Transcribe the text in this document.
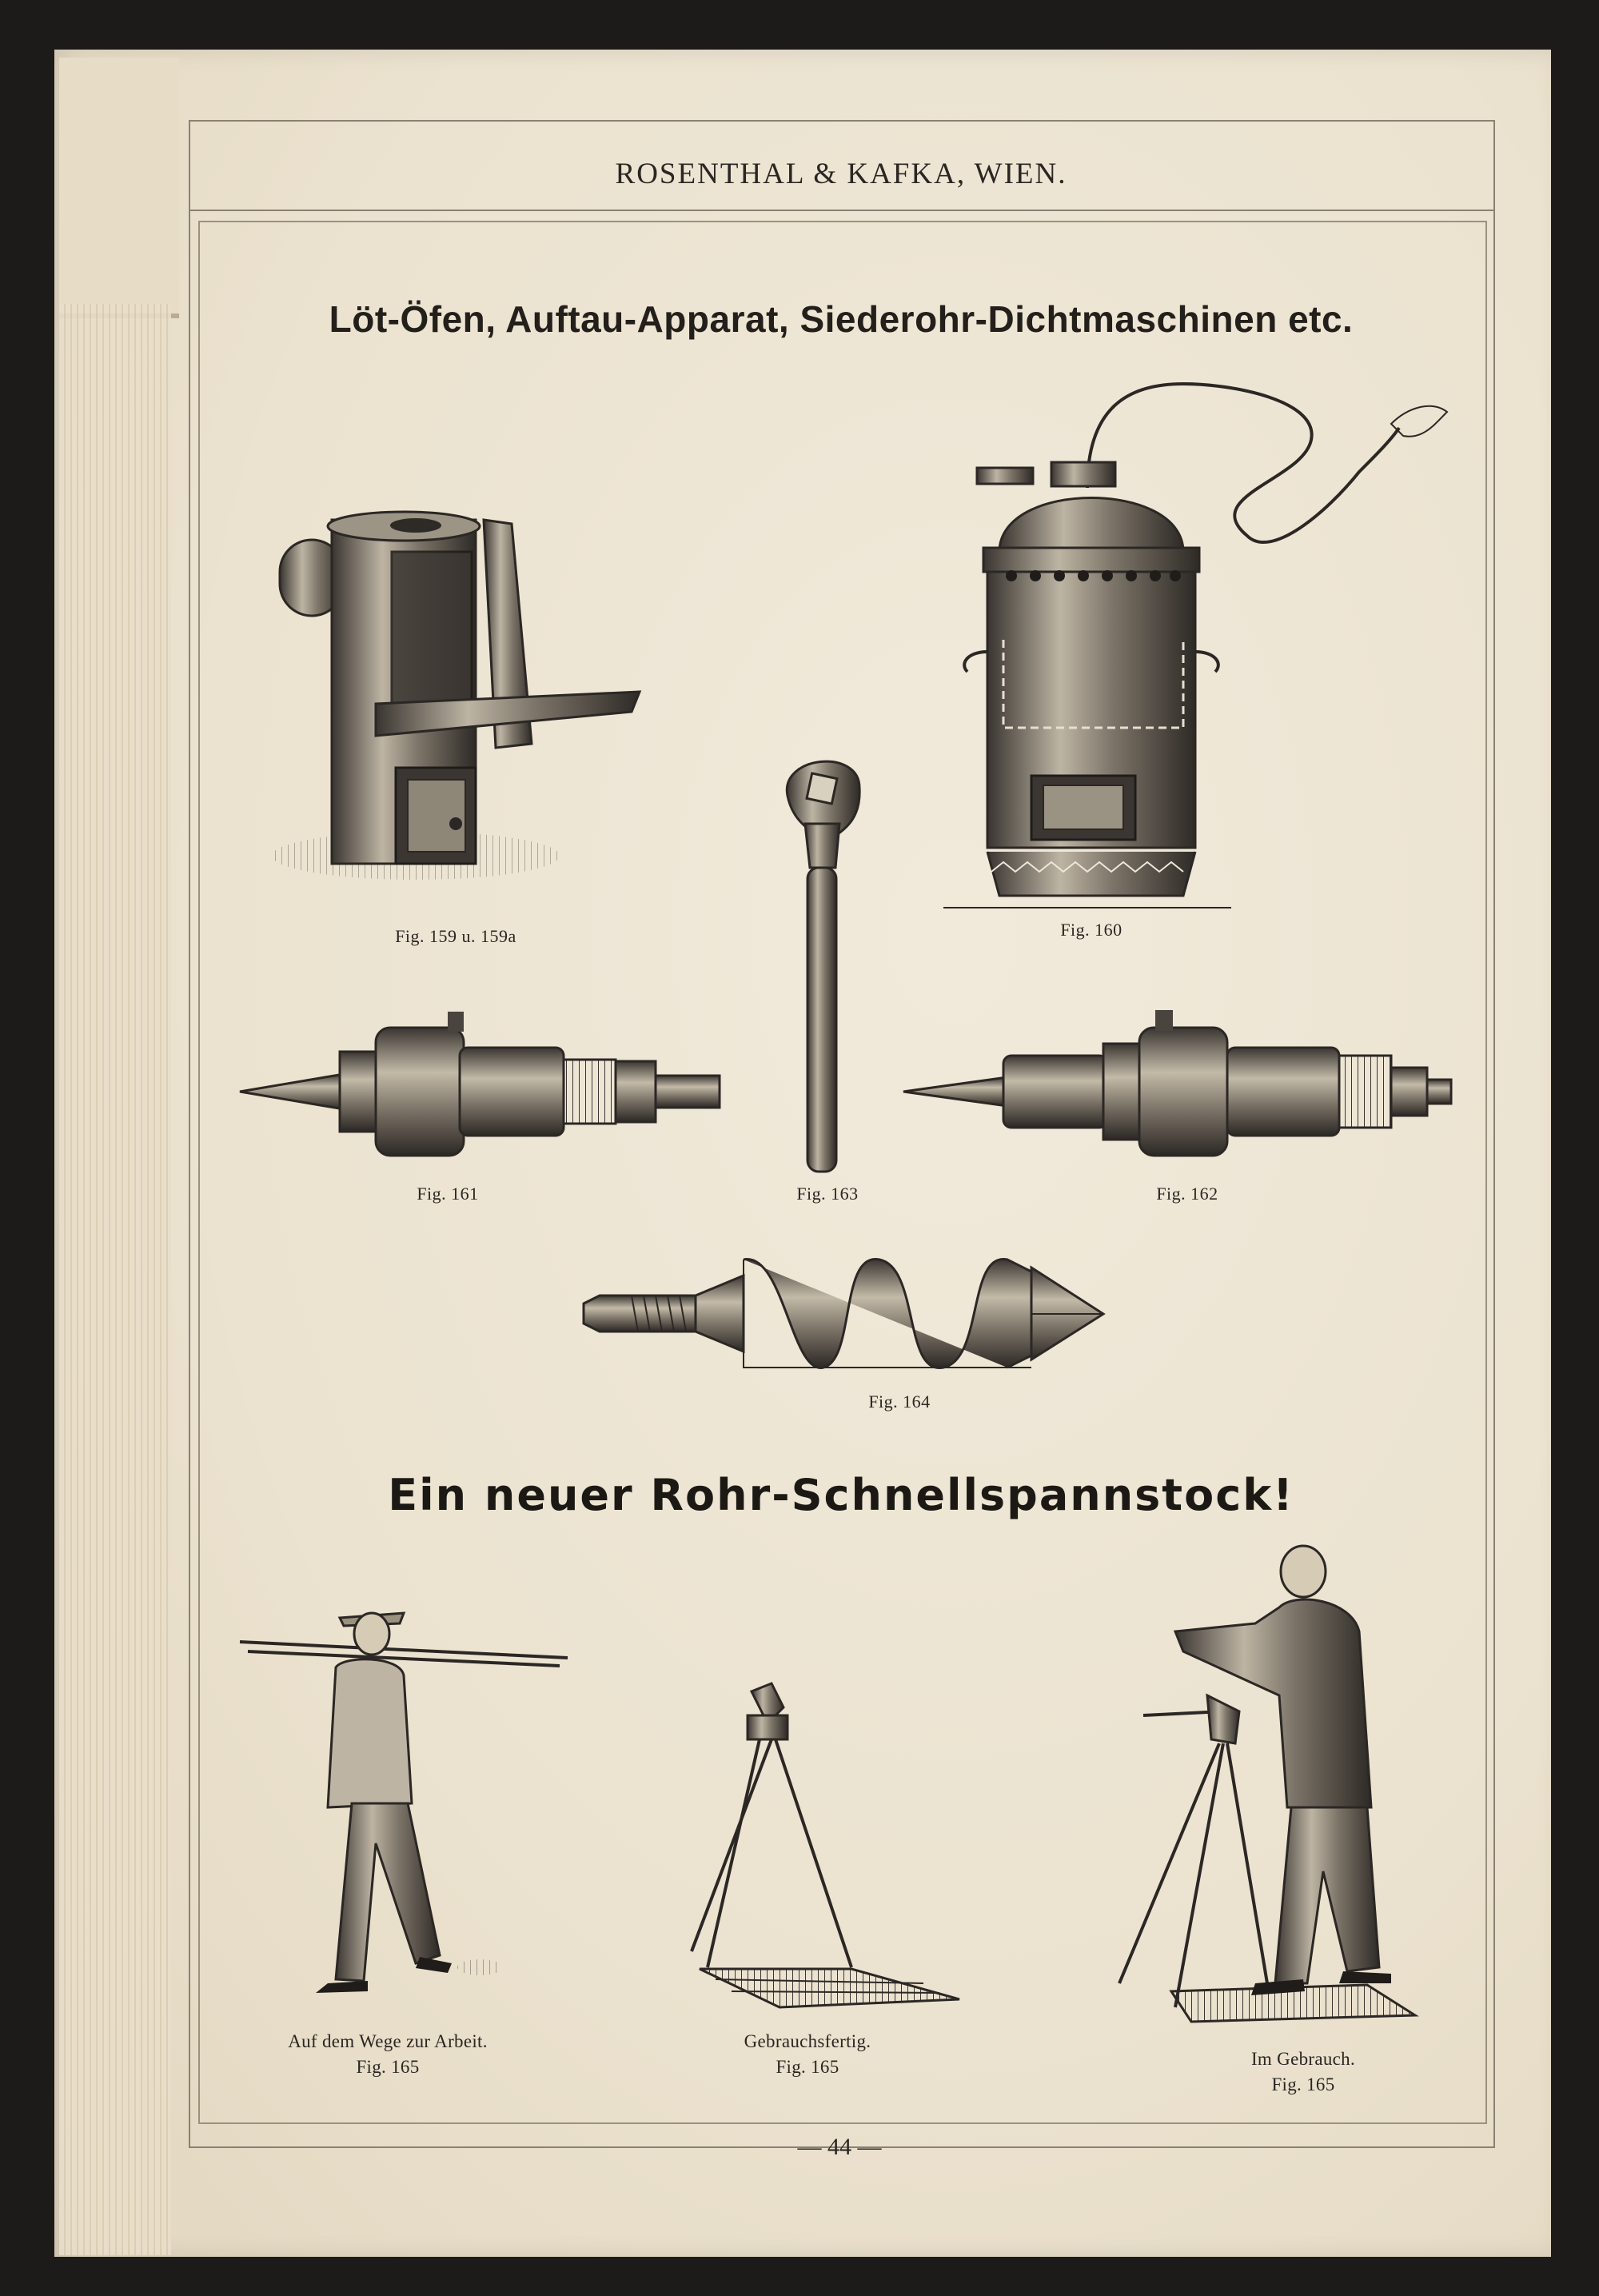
ROSENTHAL & KAFKA, WIEN.
Löt-Öfen, Auftau-Apparat, Siederohr-Dichtmaschinen etc.
Fig. 159 u. 159a	Fig. 160
Fig. 163
Fig. 161	Fig. 162
Fig. 164
Ein neuer Rohr-Schnellspannstock!
Auf dem Wege zur Arbeit.
Fig. 165
Gebrauchsfertig.
Fig. 165	Im Gebrauch.
Fig. 165
— 44 —
